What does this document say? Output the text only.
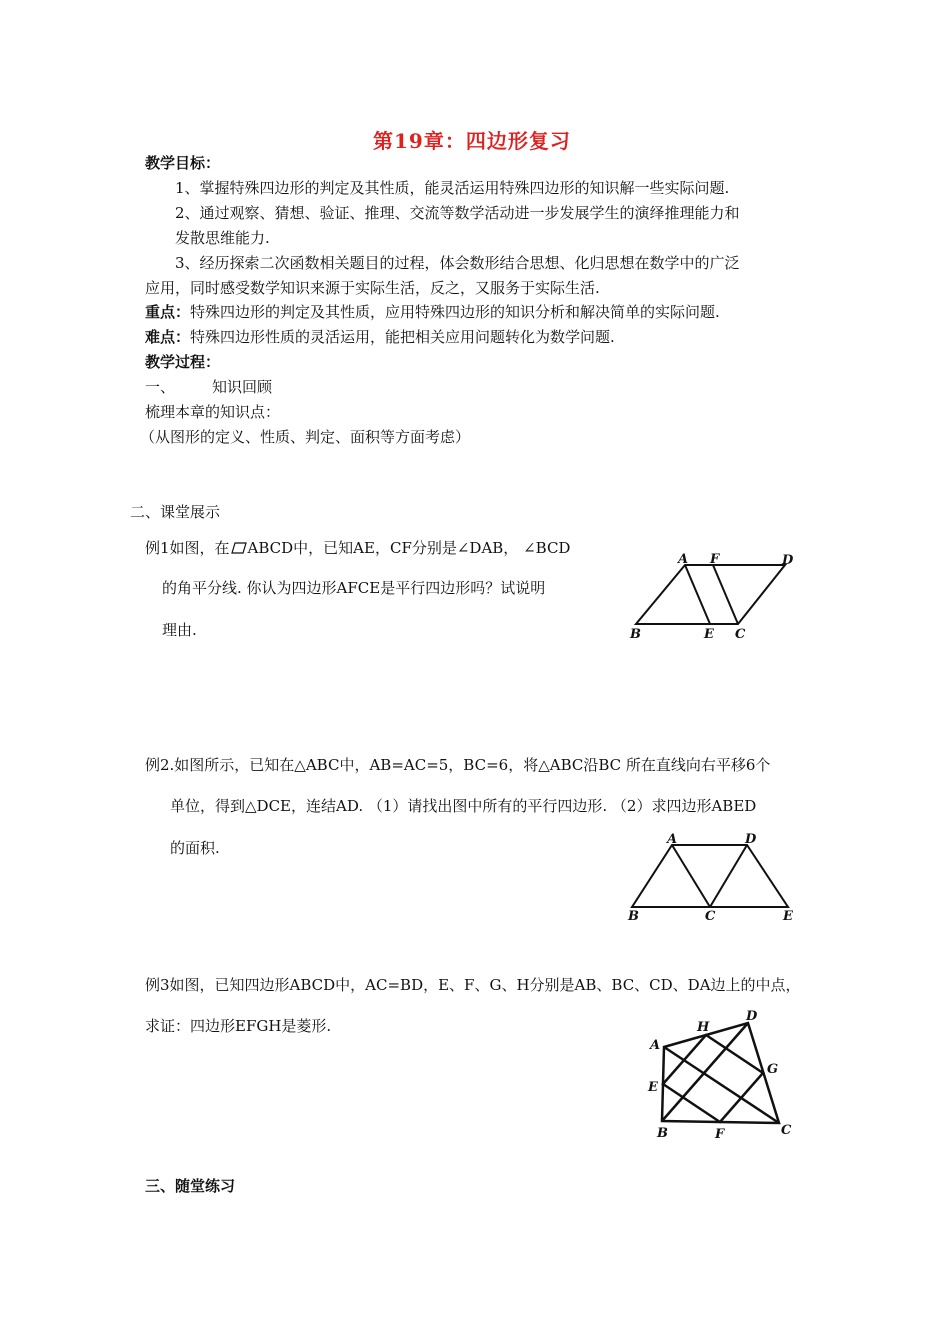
第19章：四边形复习
教学目标：
1、掌握特殊四边形的判定及其性质，能灵活运用特殊四边形的知识解一些实际问题.
2、通过观察、猜想、验证、推理、交流等数学活动进一步发展学生的演绎推理能力和
发散思维能力.
3、经历探索二次函数相关题目的过程，体会数形结合思想、化归思想在数学中的广泛
应用，同时感受数学知识来源于实际生活，反之，又服务于实际生活.
重点：特殊四边形的判定及其性质，应用特殊四边形的知识分析和解决简单的实际问题.
难点：特殊四边形性质的灵活运用，能把相关应用问题转化为数学问题.
教学过程：
一、 知识回顾
梳理本章的知识点：
（从图形的定义、性质、判定、面积等方面考虑）
二、课堂展示
例1如图，在 ABCD中，已知AE，CF分别是∠DAB， ∠BCD
的角平分线. 你认为四边形AFCE是平行四边形吗？试说明
理由.
A F	D
B	E C
例2.如图所示，已知在△ABC中，AB=AC=5，BC=6，将△ABC沿BC 所在直线向右平移6个
单位，得到△DCE，连结AD. （1）请找出图中所有的平行四边形. （2）求四边形ABED
的面积.	A	D
B	C	E
例3如图，已知四边形ABCD中，AC=BD，E、F、G、H分别是AB、BC、CD、DA边上的中点，
求证：四边形EFGH是菱形.
A
H
D
G
E
B	F	C
三、随堂练习
